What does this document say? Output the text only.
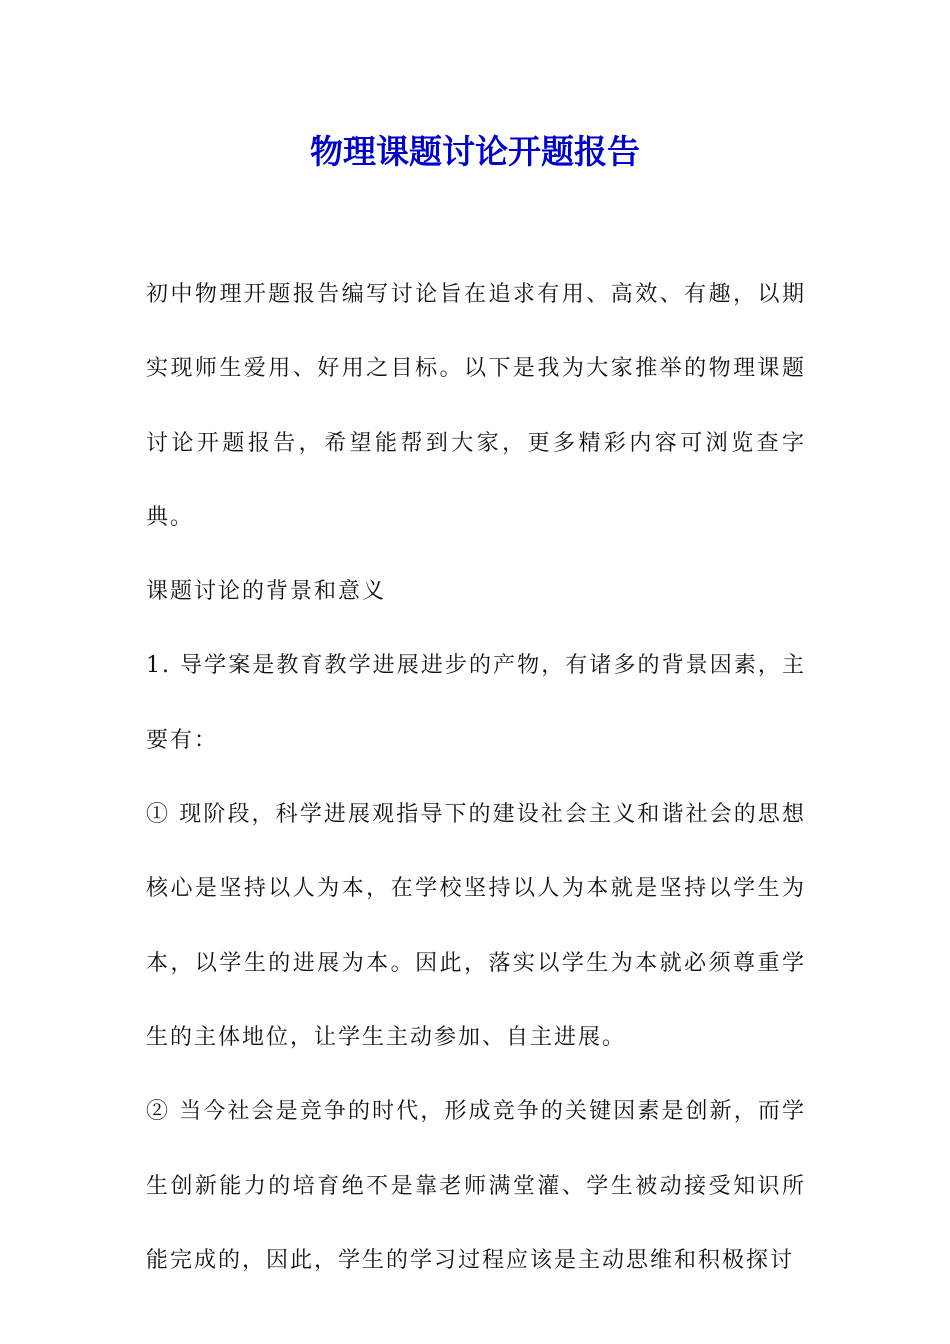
物理课题讨论开题报告

初中物理开题报告编写讨论旨在追求有用、高效、有趣，以期实现师生爱用、好用之目标。以下是我为大家推举的物理课题讨论开题报告，希望能帮到大家，更多精彩内容可浏览查字典。

课题讨论的背景和意义

1. 导学案是教育教学进展进步的产物，有诸多的背景因素，主要有：

① 现阶段，科学进展观指导下的建设社会主义和谐社会的思想核心是坚持以人为本，在学校坚持以人为本就是坚持以学生为本，以学生的进展为本。因此，落实以学生为本就必须尊重学生的主体地位，让学生主动参加、自主进展。

② 当今社会是竞争的时代，形成竞争的关键因素是创新，而学生创新能力的培育绝不是靠老师满堂灌、学生被动接受知识所能完成的，因此，学生的学习过程应该是主动思维和积极探讨
